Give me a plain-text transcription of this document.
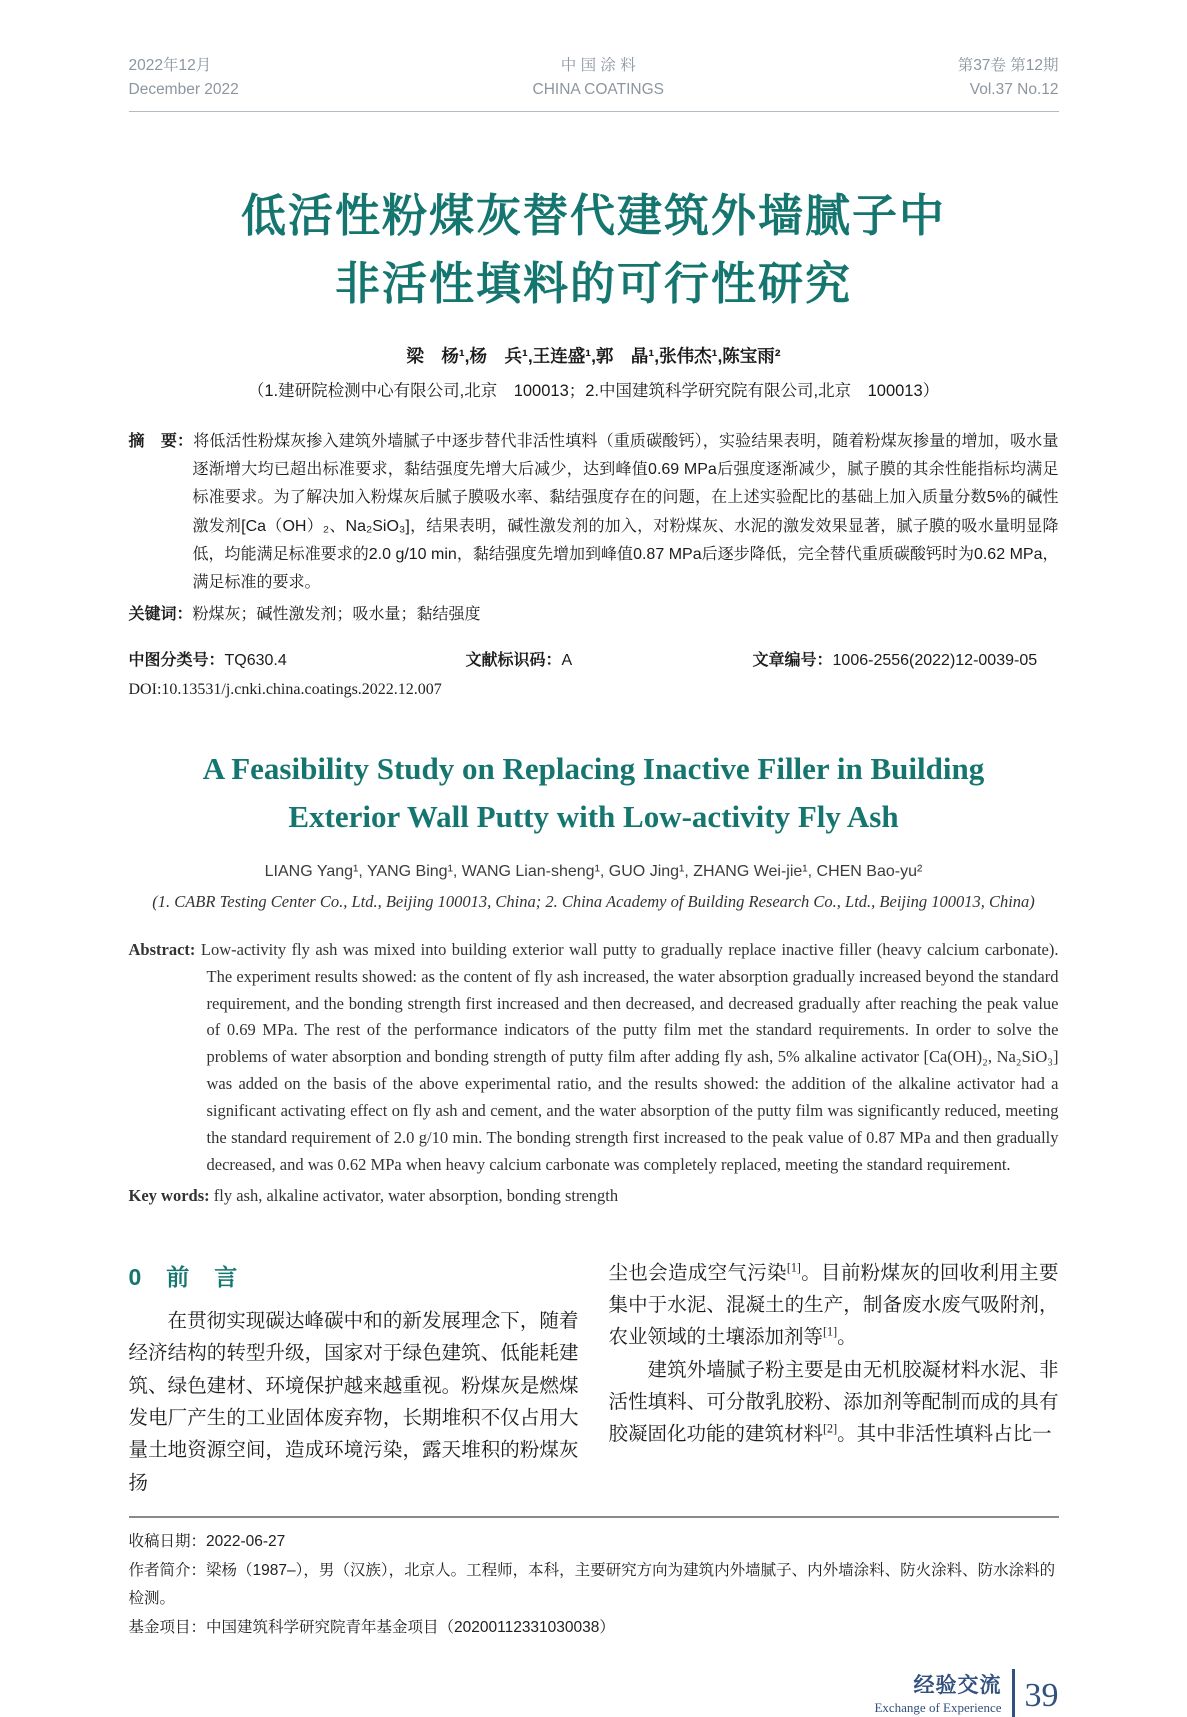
2022年12月
December 2022
中 国 涂 料
CHINA COATINGS
第37卷 第12期
Vol.37 No.12
低活性粉煤灰替代建筑外墙腻子中
非活性填料的可行性研究
梁　杨¹,杨　兵¹,王连盛¹,郭　晶¹,张伟杰¹,陈宝雨²
（1.建研院检测中心有限公司,北京　100013；2.中国建筑科学研究院有限公司,北京　100013）
摘　要：将低活性粉煤灰掺入建筑外墙腻子中逐步替代非活性填料（重质碳酸钙），实验结果表明，随着粉煤灰掺量的增加，吸水量逐渐增大均已超出标准要求，黏结强度先增大后减少，达到峰值0.69 MPa后强度逐渐减少，腻子膜的其余性能指标均满足标准要求。为了解决加入粉煤灰后腻子膜吸水率、黏结强度存在的问题，在上述实验配比的基础上加入质量分数5%的碱性激发剂[Ca（OH）₂、Na₂SiO₃]，结果表明，碱性激发剂的加入，对粉煤灰、水泥的激发效果显著，腻子膜的吸水量明显降低，均能满足标准要求的2.0 g/10 min，黏结强度先增加到峰值0.87 MPa后逐步降低，完全替代重质碳酸钙时为0.62 MPa，满足标准的要求。
关键词：粉煤灰；碱性激发剂；吸水量；黏结强度
中图分类号：TQ630.4	文献标识码：A	文章编号：1006-2556(2022)12-0039-05
DOI:10.13531/j.cnki.china.coatings.2022.12.007
A Feasibility Study on Replacing Inactive Filler in Building
Exterior Wall Putty with Low-activity Fly Ash
LIANG Yang¹, YANG Bing¹, WANG Lian-sheng¹, GUO Jing¹, ZHANG Wei-jie¹, CHEN Bao-yu²
(1. CABR Testing Center Co., Ltd., Beijing 100013, China; 2. China Academy of Building Research Co., Ltd., Beijing 100013, China)
Abstract: Low-activity fly ash was mixed into building exterior wall putty to gradually replace inactive filler (heavy calcium carbonate). The experiment results showed: as the content of fly ash increased, the water absorption gradually increased beyond the standard requirement, and the bonding strength first increased and then decreased, and decreased gradually after reaching the peak value of 0.69 MPa. The rest of the performance indicators of the putty film met the standard requirements. In order to solve the problems of water absorption and bonding strength of putty film after adding fly ash, 5% alkaline activator [Ca(OH)₂, Na₂SiO₃] was added on the basis of the above experimental ratio, and the results showed: the addition of the alkaline activator had a significant activating effect on fly ash and cement, and the water absorption of the putty film was significantly reduced, meeting the standard requirement of 2.0 g/10 min. The bonding strength first increased to the peak value of 0.87 MPa and then gradually decreased, and was 0.62 MPa when heavy calcium carbonate was completely replaced, meeting the standard requirement.
Key words: fly ash, alkaline activator, water absorption, bonding strength
0　前　言

在贯彻实现碳达峰碳中和的新发展理念下，随着经济结构的转型升级，国家对于绿色建筑、低能耗建筑、绿色建材、环境保护越来越重视。粉煤灰是燃煤发电厂产生的工业固体废弃物，长期堆积不仅占用大量土地资源空间，造成环境污染，露天堆积的粉煤灰扬

尘也会造成空气污染[1]。目前粉煤灰的回收利用主要集中于水泥、混凝土的生产，制备废水废气吸附剂，农业领域的土壤添加剂等[1]。

建筑外墙腻子粉主要是由无机胶凝材料水泥、非活性填料、可分散乳胶粉、添加剂等配制而成的具有胶凝固化功能的建筑材料[2]。其中非活性填料占比一

收稿日期：2022-06-27
作者简介：梁杨（1987–），男（汉族），北京人。工程师，本科，主要研究方向为建筑内外墙腻子、内外墙涂料、防火涂料、防水涂料的检测。
基金项目：中国建筑科学研究院青年基金项目（20200112331030038）
经验交流
Exchange of Experience 39
